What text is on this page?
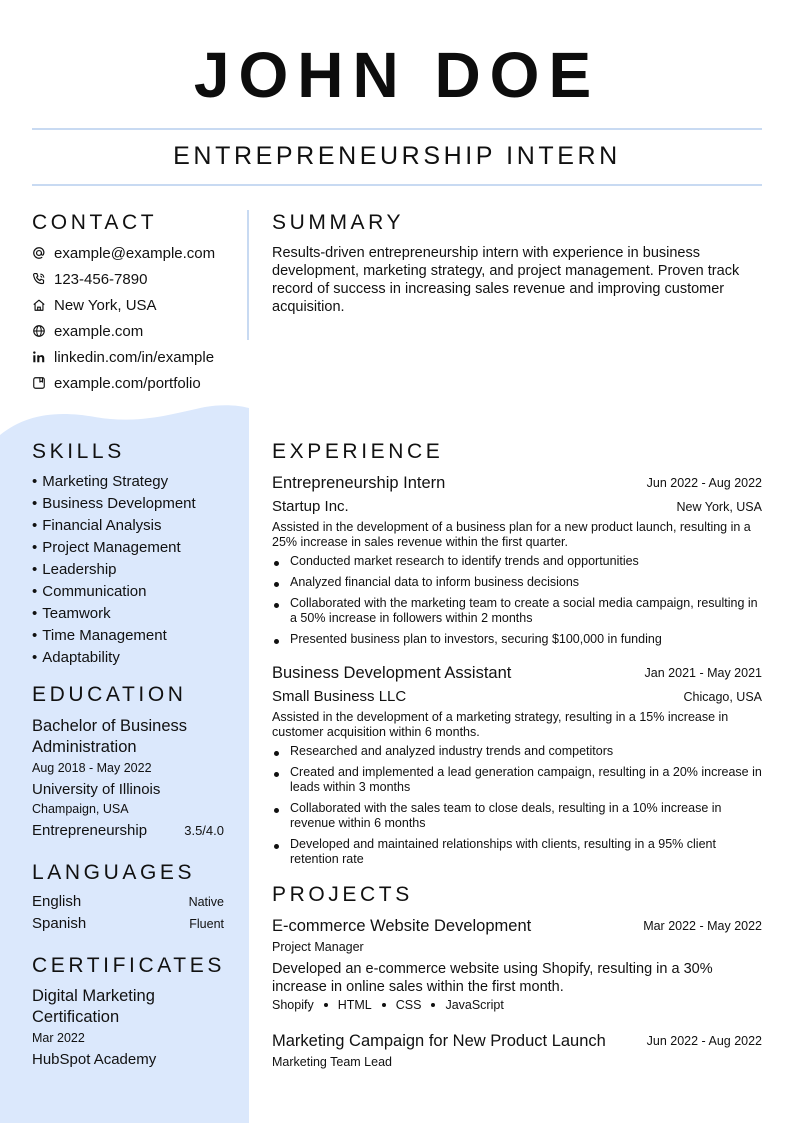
JOHN DOE
ENTREPRENEURSHIP INTERN
CONTACT
example@example.com
123-456-7890
New York, USA
example.com
linkedin.com/in/example
example.com/portfolio
SKILLS
• Marketing Strategy
• Business Development
• Financial Analysis
• Project Management
• Leadership
• Communication
• Teamwork
• Time Management
• Adaptability
EDUCATION
Bachelor of Business Administration
Aug 2018 - May 2022
University of Illinois
Champaign, USA
Entrepreneurship	3.5/4.0
LANGUAGES
English	Native
Spanish	Fluent
CERTIFICATES
Digital Marketing Certification
Mar 2022
HubSpot Academy
SUMMARY
Results-driven entrepreneurship intern with experience in business development, marketing strategy, and project management. Proven track record of success in increasing sales revenue and improving customer acquisition.
EXPERIENCE
Entrepreneurship Intern	Jun 2022 - Aug 2022
Startup Inc.	New York, USA
Assisted in the development of a business plan for a new product launch, resulting in a 25% increase in sales revenue within the first quarter.
Conducted market research to identify trends and opportunities
Analyzed financial data to inform business decisions
Collaborated with the marketing team to create a social media campaign, resulting in a 50% increase in followers within 2 months
Presented business plan to investors, securing $100,000 in funding
Business Development Assistant	Jan 2021 - May 2021
Small Business LLC	Chicago, USA
Assisted in the development of a marketing strategy, resulting in a 15% increase in customer acquisition within 6 months.
Researched and analyzed industry trends and competitors
Created and implemented a lead generation campaign, resulting in a 20% increase in leads within 3 months
Collaborated with the sales team to close deals, resulting in a 10% increase in revenue within 6 months
Developed and maintained relationships with clients, resulting in a 95% client retention rate
PROJECTS
E-commerce Website Development	Mar 2022 - May 2022
Project Manager
Developed an e-commerce website using Shopify, resulting in a 30% increase in online sales within the first month.
Shopify HTML CSS JavaScript
Marketing Campaign for New Product Launch	Jun 2022 - Aug 2022
Marketing Team Lead
